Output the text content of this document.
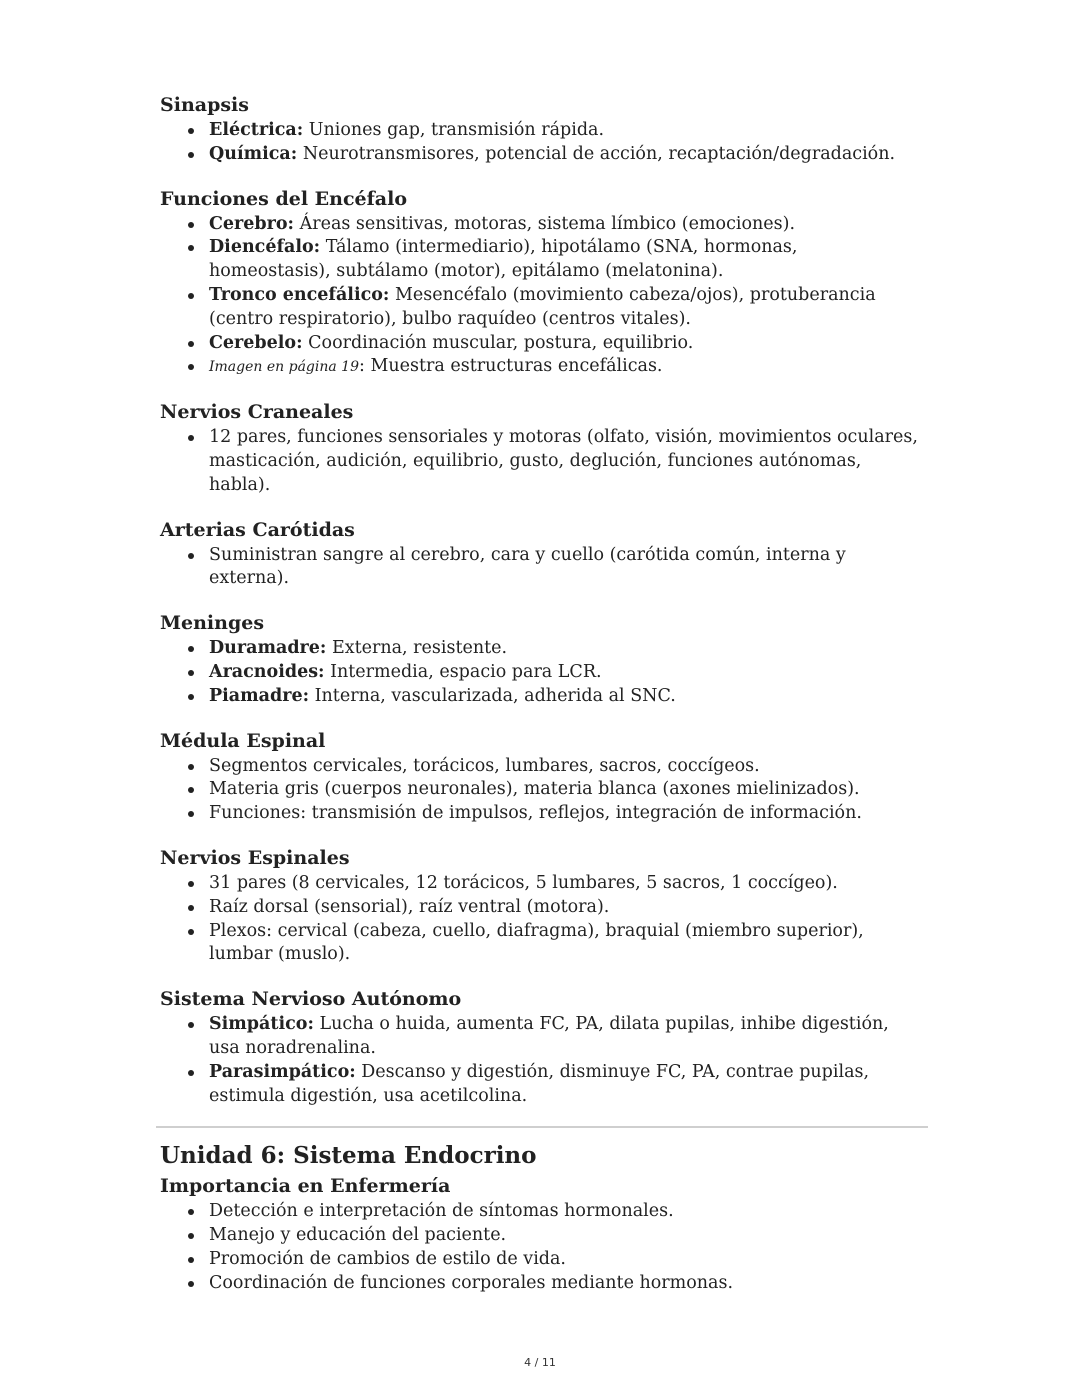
Sinapsis
Eléctrica: Uniones gap, transmisión rápida.
Química: Neurotransmisores, potencial de acción, recaptación/degradación.
Funciones del Encéfalo
Cerebro: Áreas sensitivas, motoras, sistema límbico (emociones).
Diencéfalo: Tálamo (intermediario), hipotálamo (SNA, hormonas, homeostasis), subtálamo (motor), epitálamo (melatonina).
Tronco encefálico: Mesencéfalo (movimiento cabeza/ojos), protuberancia (centro respiratorio), bulbo raquídeo (centros vitales).
Cerebelo: Coordinación muscular, postura, equilibrio.
Imagen en página 19: Muestra estructuras encefálicas.
Nervios Craneales
12 pares, funciones sensoriales y motoras (olfato, visión, movimientos oculares, masticación, audición, equilibrio, gusto, deglución, funciones autónomas, habla).
Arterias Carótidas
Suministran sangre al cerebro, cara y cuello (carótida común, interna y externa).
Meninges
Duramadre: Externa, resistente.
Aracnoides: Intermedia, espacio para LCR.
Piamadre: Interna, vascularizada, adherida al SNC.
Médula Espinal
Segmentos cervicales, torácicos, lumbares, sacros, coccígeos.
Materia gris (cuerpos neuronales), materia blanca (axones mielinizados).
Funciones: transmisión de impulsos, reflejos, integración de información.
Nervios Espinales
31 pares (8 cervicales, 12 torácicos, 5 lumbares, 5 sacros, 1 coccígeo).
Raíz dorsal (sensorial), raíz ventral (motora).
Plexos: cervical (cabeza, cuello, diafragma), braquial (miembro superior), lumbar (muslo).
Sistema Nervioso Autónomo
Simpático: Lucha o huida, aumenta FC, PA, dilata pupilas, inhibe digestión, usa noradrenalina.
Parasimpático: Descanso y digestión, disminuye FC, PA, contrae pupilas, estimula digestión, usa acetilcolina.
Unidad 6: Sistema Endocrino
Importancia en Enfermería
Detección e interpretación de síntomas hormonales.
Manejo y educación del paciente.
Promoción de cambios de estilo de vida.
Coordinación de funciones corporales mediante hormonas.
4 / 11
